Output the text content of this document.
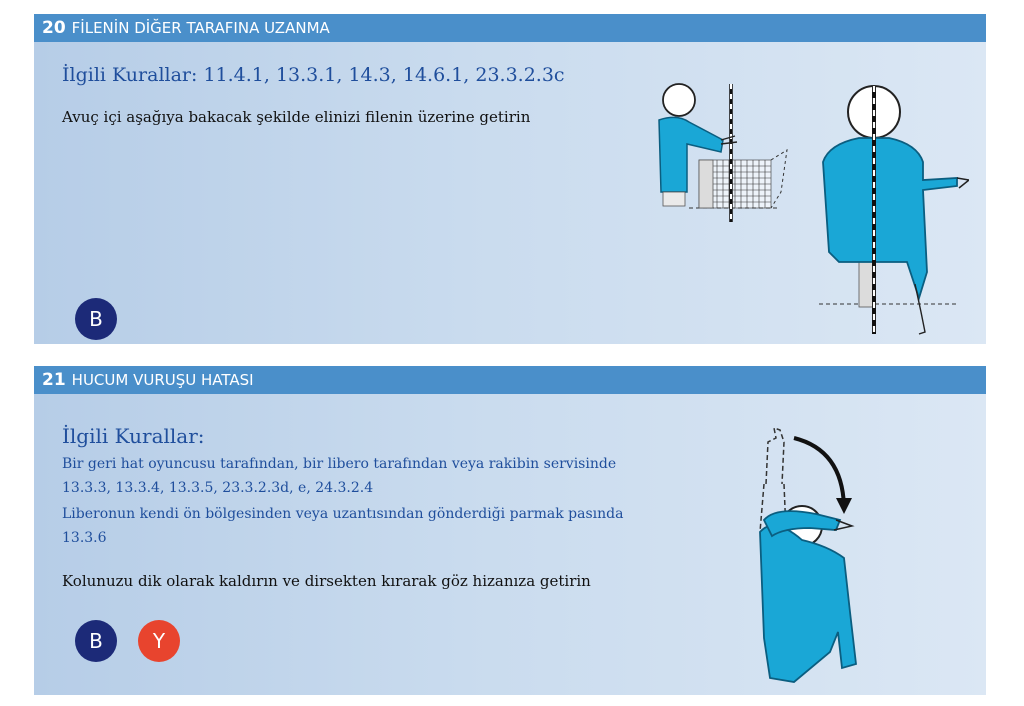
20 FİLENİN DİĞER TARAFINA UZANMA
İlgili Kurallar: 11.4.1, 13.3.1, 14.3, 14.6.1, 23.3.2.3c
Avuç içi aşağıya bakacak şekilde elinizi filenin üzerine getirin
B
21 HUCUM VURUŞU HATASI
İlgili Kurallar:
Bir geri hat oyuncusu tarafından, bir libero tarafından veya rakibin servisinde
13.3.3, 13.3.4, 13.3.5, 23.3.2.3d, e, 24.3.2.4
Liberonun kendi ön bölgesinden veya uzantısından gönderdiği parmak pasında
13.3.6
Kolunuzu dik olarak kaldırın ve dirsekten kırarak göz hizanıza getirin
B	Y
